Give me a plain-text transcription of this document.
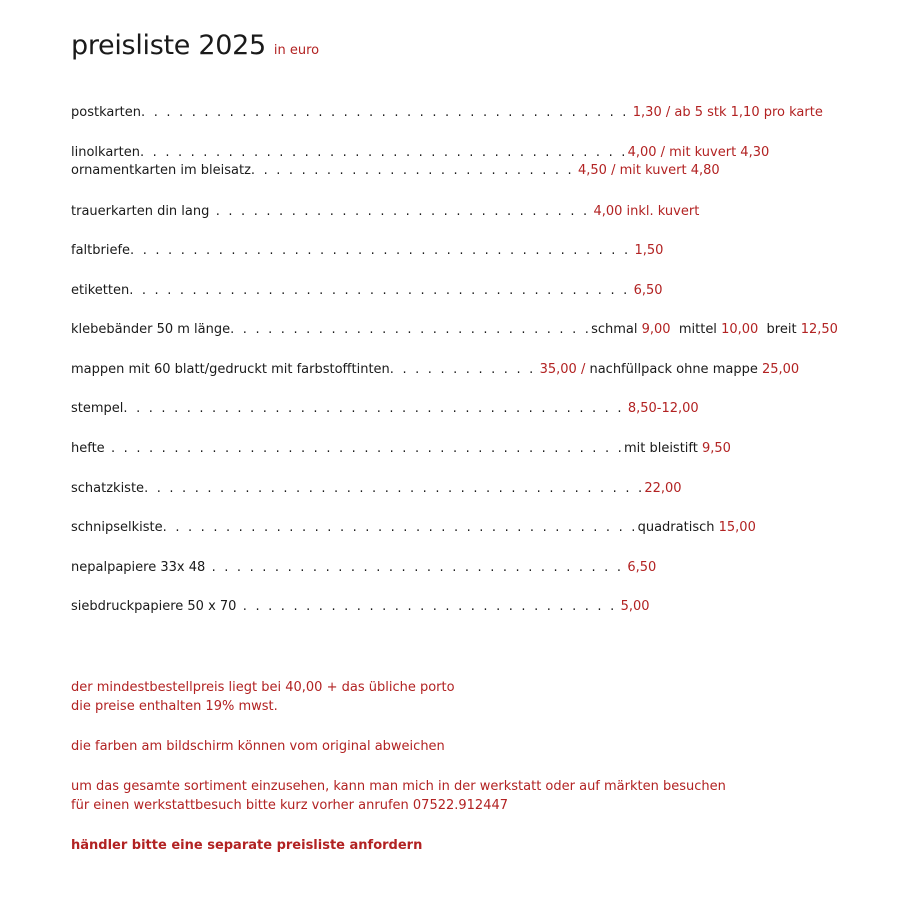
preisliste 2025 in euro
postkarten. . . . . . . . . . . . . . . . . . . . . . . . . . . . . . . . . . . . . . . 1,30 / ab 5 stk 1,10 pro karte
linolkarten. . . . . . . . . . . . . . . . . . . . . . . . . . . . . . . . . . . . . . .4,00 / mit kuvert 4,30
ornamentkarten im bleisatz. . . . . . . . . . . . . . . . . . . . . . . . . . 4,50 / mit kuvert 4,80
trauerkarten din lang . . . . . . . . . . . . . . . . . . . . . . . . . . . . . . 4,00 inkl. kuvert
faltbriefe. . . . . . . . . . . . . . . . . . . . . . . . . . . . . . . . . . . . . . . . 1,50
etiketten. . . . . . . . . . . . . . . . . . . . . . . . . . . . . . . . . . . . . . . . 6,50
klebebänder 50 m länge. . . . . . . . . . . . . . . . . . . . . . . . . . . . .schmal 9,00  mittel 10,00  breit 12,50
mappen mit 60 blatt/gedruckt mit farbstofftinten. . . . . . . . . . . . 35,00 / nachfüllpack ohne mappe 25,00
stempel. . . . . . . . . . . . . . . . . . . . . . . . . . . . . . . . . . . . . . . . 8,50-12,00
hefte . . . . . . . . . . . . . . . . . . . . . . . . . . . . . . . . . . . . . . . . .mit bleistift 9,50
schatzkiste. . . . . . . . . . . . . . . . . . . . . . . . . . . . . . . . . . . . . . . .22,00
schnipselkiste. . . . . . . . . . . . . . . . . . . . . . . . . . . . . . . . . . . . . .quadratisch 15,00
nepalpapiere 33x 48 . . . . . . . . . . . . . . . . . . . . . . . . . . . . . . . . . 6,50
siebdruckpapiere 50 x 70 . . . . . . . . . . . . . . . . . . . . . . . . . . . . . . 5,00

der mindestbestellpreis liegt bei 40,00 + das übliche porto

die preise enthalten 19% mwst.

die farben am bildschirm können vom original abweichen

um das gesamte sortiment einzusehen, kann man mich in der werkstatt oder auf märkten besuchen

für einen werkstattbesuch bitte kurz vorher anrufen 07522.912447

händler bitte eine separate preisliste anfordern
